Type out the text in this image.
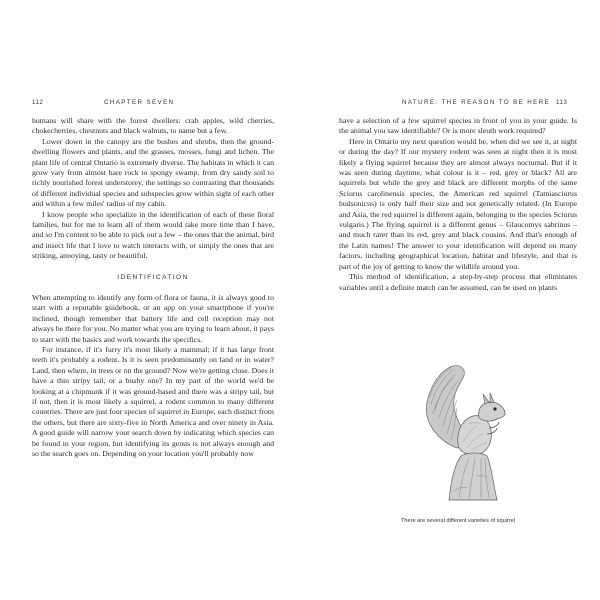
112	CHAPTER SEVEN

humans will share with the forest dwellers: crab apples, wild cherries, chokecherries, chestnuts and black walnuts, to name but a few.

Lower down in the canopy are the bushes and shrubs, then the ground-dwelling flowers and plants, and the grasses, mosses, fungi and lichen. The plant life of central Ontario is extremely diverse. The habitats in which it can grow vary from almost bare rock to spongy swamp, from dry sandy soil to richly nourished forest understorey, the settings so contrasting that thousands of different individual species and subspecies grow within sight of each other and within a few miles' radius of my cabin.

I know people who specialize in the identification of each of these floral families, but for me to learn all of them would take more time than I have, and so I'm content to be able to pick out a few – the ones that the animal, bird and insect life that I love to watch interacts with, or simply the ones that are striking, annoying, tasty or beautiful.

IDENTIFICATION

When attempting to identify any form of flora or fauna, it is always good to start with a reputable guidebook, or an app on your smartphone if you're inclined, though remember that battery life and cell reception may not always be there for you. No matter what you are trying to learn about, it pays to start with the basics and work towards the specifics.

For instance, if it's furry it's most likely a mammal; if it has large front teeth it's probably a rodent. Is it is seen predominantly on land or in water? Land, then where, in trees or on the ground? Now we're getting close. Does it have a thin stripy tail, or a bushy one? In my part of the world we'd be looking at a chipmunk if it was ground-based and there was a stripy tail, but if not, then it is most likely a squirrel, a rodent common to many different countries. There are just four species of squirrel in Europe, each distinct from the others, but there are sixty-five in North America and over ninety in Asia. A good guide will narrow your search down by indicating which species can be found in your region, but identifying its genus is not always enough and so the search goes on. Depending on your location you'll probably now

NATURE: THE REASON TO BE HERE 113

have a selection of a few squirrel species in front of you in your guide. Is the animal you saw identifiable? Or is more sleuth work required?

Here in Ontario my next question would be, when did we see it, at night or during the day? If our mystery rodent was seen at night then it is most likely a flying squirrel because they are almost always nocturnal. But if it was seen during daytime, what colour is it – red, grey or black? All are squirrels but while the grey and black are different morphs of the same Sciurus carolinensis species, the American red squirrel (Tamiasciurus hudsonicus) is only half their size and not genetically related. (In Europe and Asia, the red squirrel is different again, belonging to the species Sciurus vulgaris.) The flying squirrel is a different genus – Glaucomys sabrinus – and much rarer than its red, grey and black cousins. And that's enough of the Latin names! The answer to your identification will depend on many factors, including geographical location, habitat and lifestyle, and that is part of the joy of getting to know the wildlife around you.

This method of identification, a step-by-step process that eliminates variables until a definite match can be assumed, can be used on plants

There are several different varieties of squirrel
